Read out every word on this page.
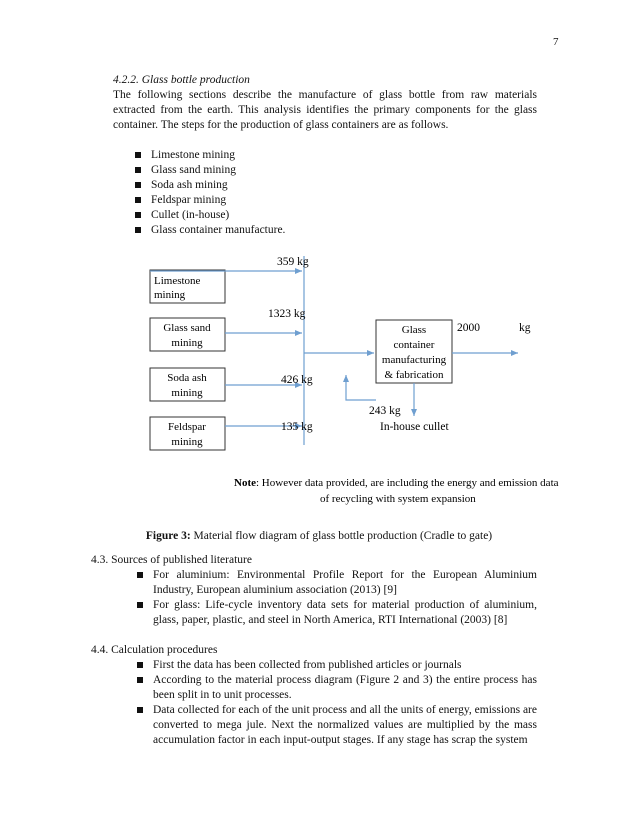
7
4.2.2. Glass bottle production
The following sections describe the manufacture of glass bottle from raw materials extracted from the earth. This analysis identifies the primary components for the glass container. The steps for the production of glass containers are as follows.
Limestone mining
Glass sand mining
Soda ash mining
Feldspar mining
Cullet (in-house)
Glass container manufacture.
Limestone
mining
Glass sand
mining
Soda ash
mining
Feldspar
mining
Glass
container
manufacturing
& fabrication
359 kg
1323 kg
426 kg
135 kg
2000	kg
243 kg
In-house cullet
Note: However data provided, are including the energy and emission data
of recycling with system expansion
Figure 3: Material flow diagram of glass bottle production (Cradle to gate)
4.3. Sources of published literature
For aluminium: Environmental Profile Report for the European Aluminium Industry, European aluminium association (2013) [9]
For glass: Life-cycle inventory data sets for material production of aluminium, glass, paper, plastic, and steel in North America, RTI International (2003) [8]
4.4. Calculation procedures
First the data has been collected from published articles or journals
According to the material process diagram (Figure 2 and 3) the entire process has been split in to unit processes.
Data collected for each of the unit process and all the units of energy, emissions are converted to mega jule. Next the normalized values are multiplied by the mass accumulation factor in each input-output stages. If any stage has scrap the system
